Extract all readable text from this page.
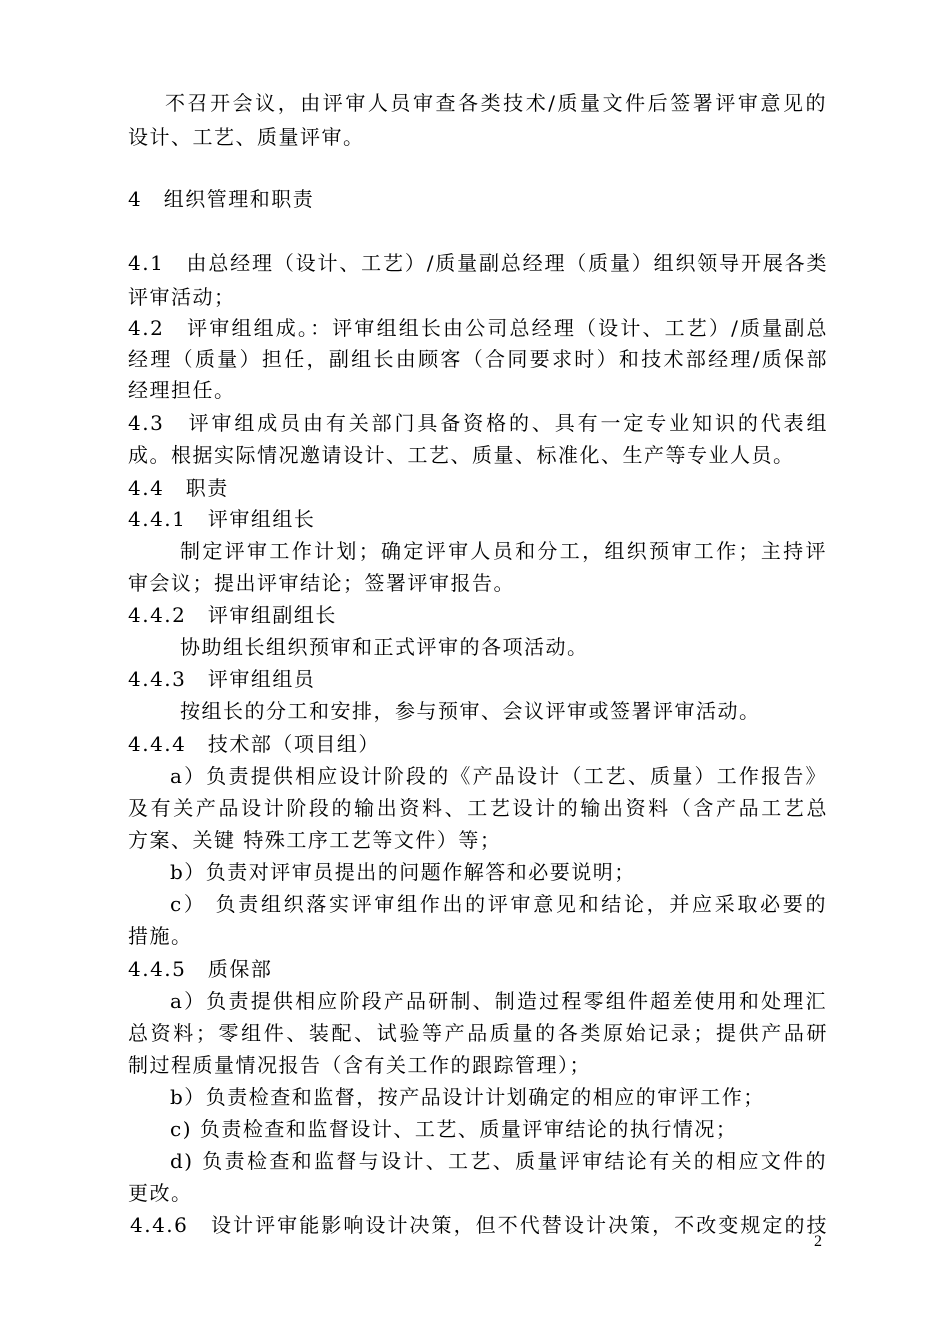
不召开会议，由评审人员审查各类技术/质量文件后签署评审意见的
设计、工艺、质量评审。
4　组织管理和职责
4.1　由总经理（设计、工艺）/质量副总经理（质量）组织领导开展各类
评审活动；
4.2　评审组组成。：评审组组长由公司总经理（设计、工艺）/质量副总
经理（质量）担任，副组长由顾客（合同要求时）和技术部经理/质保部
经理担任。
4.3　评审组成员由有关部门具备资格的、具有一定专业知识的代表组
成。根据实际情况邀请设计、工艺、质量、标准化、生产等专业人员。
4.4　职责
4.4.1　评审组组长
制定评审工作计划；确定评审人员和分工，组织预审工作；主持评
审会议；提出评审结论；签署评审报告。
4.4.2　评审组副组长
协助组长组织预审和正式评审的各项活动。
4.4.3　评审组组员
按组长的分工和安排，参与预审、会议评审或签署评审活动。
4.4.4　技术部（项目组）
a）负责提供相应设计阶段的《产品设计（工艺、质量）工作报告》
及有关产品设计阶段的输出资料、工艺设计的输出资料（含产品工艺总
方案、关键 特殊工序工艺等文件）等；
b）负责对评审员提出的问题作解答和必要说明；
c） 负责组织落实评审组作出的评审意见和结论，并应采取必要的
措施。
4.4.5　质保部
a）负责提供相应阶段产品研制、制造过程零组件超差使用和处理汇
总资料；零组件、装配、试验等产品质量的各类原始记录；提供产品研
制过程质量情况报告（含有关工作的跟踪管理）；
b）负责检查和监督，按产品设计计划确定的相应的审评工作；
c) 负责检查和监督设计、工艺、质量评审结论的执行情况；
d) 负责检查和监督与设计、工艺、质量评审结论有关的相应文件的
更改。
4.4.6　设计评审能影响设计决策，但不代替设计决策，不改变规定的技
2
